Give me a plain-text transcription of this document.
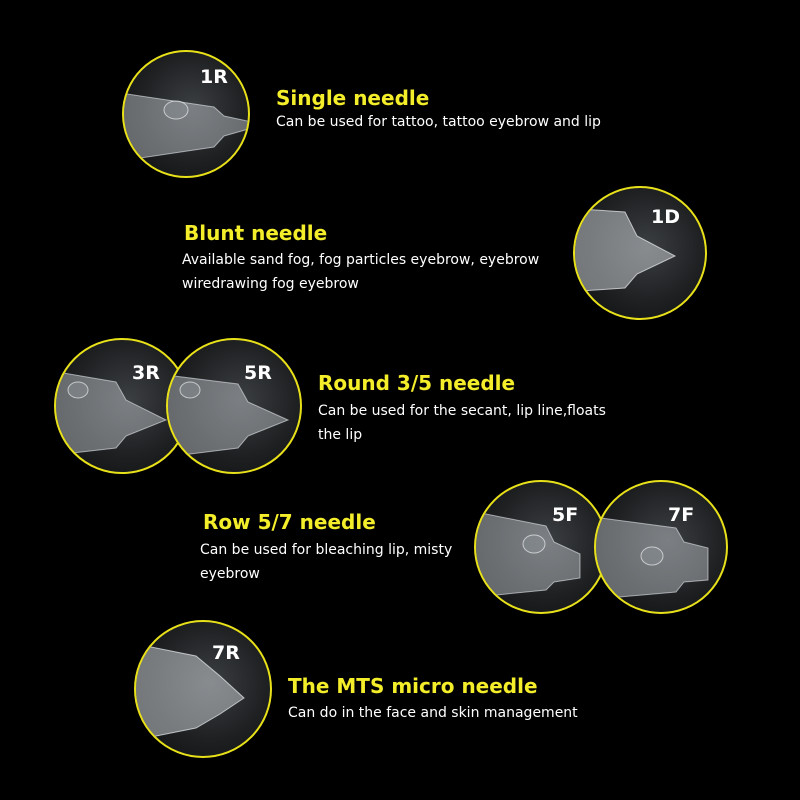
1R
Single needle
Can be used for tattoo, tattoo eyebrow and lip
Blunt needle
Available sand fog, fog particles eyebrow, eyebrow
wiredrawing fog eyebrow
1D
3R	5R Round 3/5 needle
Can be used for the secant, lip line,floats
the lip
Row 5/7 needle
Can be used for bleaching lip, misty
eyebrow
5F	7F
7R
The MTS micro needle
Can do in the face and skin management
